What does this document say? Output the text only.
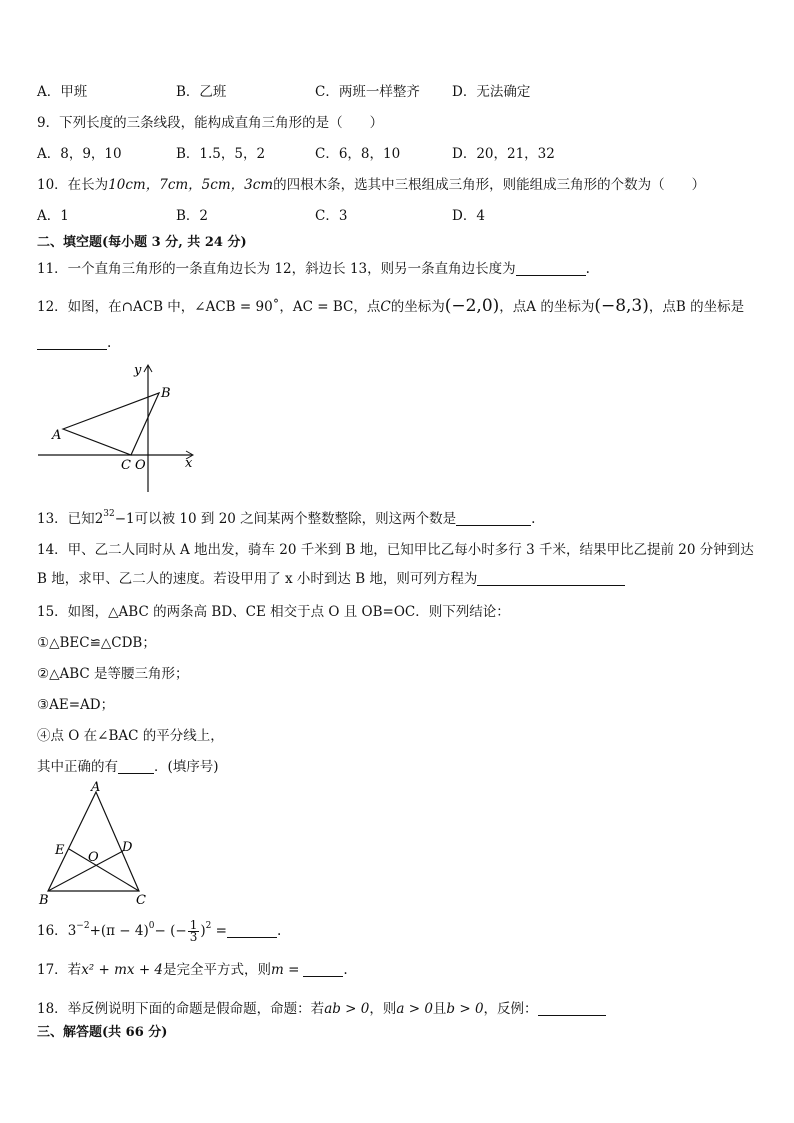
A．甲班	B．乙班	C．两班一样整齐 D．无法确定
9．下列长度的三条线段，能构成直角三角形的是（　　）
A．8，9，10	B．1.5，5，2	C．6，8，10	D．20，21，32
10．在长为10cm，7cm，5cm，3cm的四根木条，选其中三根组成三角形，则能组成三角形的个数为（　　）
A．1	B．2	C．3	D．4
二、填空题(每小题 3 分, 共 24 分)
11．一个直角三角形的一条直角边长为 12，斜边长 13，则另一条直角边长度为	.
12．如图，在∩ACB 中，∠ACB = 90˚，AC = BC，点C的坐标为(−2,0)，点A 的坐标为(−8,3)，点B 的坐标是
.
y
x
B
A
C O
13．已知$2^{32}-1$可以被 10 到 20 之间某两个整数整除，则这两个数是	.
14．甲、乙二人同时从 A 地出发，骑车 20 千米到 B 地，已知甲比乙每小时多行 3 千米，结果甲比乙提前 20 分钟到达
B 地，求甲、乙二人的速度。若设甲用了 x 小时到达 B 地，则可列方程为
15．如图，△ABC 的两条高 BD、CE 相交于点 O 且 OB=OC．则下列结论：
①△BEC≌△CDB；
②△ABC 是等腰三角形；
③AE=AD；
④点 O 在∠BAC 的平分线上，
其中正确的有	．(填序号)
A
B	C
D
E O
16．$3^{-2}+(\pi - 4)^0-$ (− $\frac{1}{3} )^2$ =	.
17．若x² + mx + 4是完全平方式，则m =	.
18．举反例说明下面的命题是假命题，命题：若ab > 0，则a > 0且b > 0，反例：
三、解答题(共 66 分)
